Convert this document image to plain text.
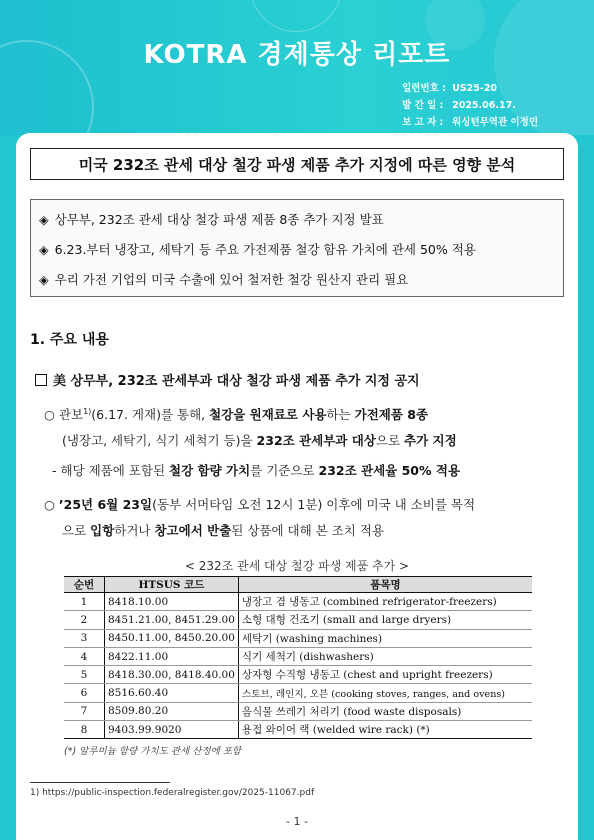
KOTRA 경제통상 리포트
일련번호 : US25-20
발 간 일 : 2025.06.17.
보 고 자 : 워싱턴무역관 이정민
미국 232조 관세 대상 철강 파생 제품 추가 지정에 따른 영향 분석
◈ 상무부, 232조 관세 대상 철강 파생 제품 8종 추가 지정 발표
◈ 6.23.부터 냉장고, 세탁기 등 주요 가전제품 철강 함유 가치에 관세 50% 적용
◈ 우리 가전 기업의 미국 수출에 있어 철저한 철강 원산지 관리 필요
1. 주요 내용
美 상무부, 232조 관세부과 대상 철강 파생 제품 추가 지정 공지
○ 관보$^{1)}$(6.17. 게재)를 통해, 철강을 원재료로 사용하는 가전제품 8종
(냉장고, 세탁기, 식기 세척기 등)을 232조 관세부과 대상으로 추가 지정
- 해당 제품에 포함된 철강 함량 가치를 기준으로 232조 관세율 50% 적용
○ ’25년 6월 23일(동부 서머타임 오전 12시 1분) 이후에 미국 내 소비를 목적
으로 입항하거나 창고에서 반출된 상품에 대해 본 조치 적용
< 232조 관세 대상 철강 파생 제품 추가 >
순번	HTSUS 코드	품목명
1	8418.10.00	냉장고 겸 냉동고 (combined refrigerator-freezers)
2	8451.21.00, 8451.29.00	소형 대형 건조기 (small and large dryers)
3	8450.11.00, 8450.20.00	세탁기 (washing machines)
4	8422.11.00	식기 세척기 (dishwashers)
5	8418.30.00, 8418.40.00	상자형 수직형 냉동고 (chest and upright freezers)
6	8516.60.40	스토브, 레인지, 오븐 (cooking stoves, ranges, and ovens)
7	8509.80.20	음식물 쓰레기 처리기 (food waste disposals)
8	9403.99.9020	용접 와이어 랙 (welded wire rack) (*)
(*) 알루미늄 함량 가치도 관세 산정에 포함
1) https://public-inspection.federalregister.gov/2025-11067.pdf
- 1 -
